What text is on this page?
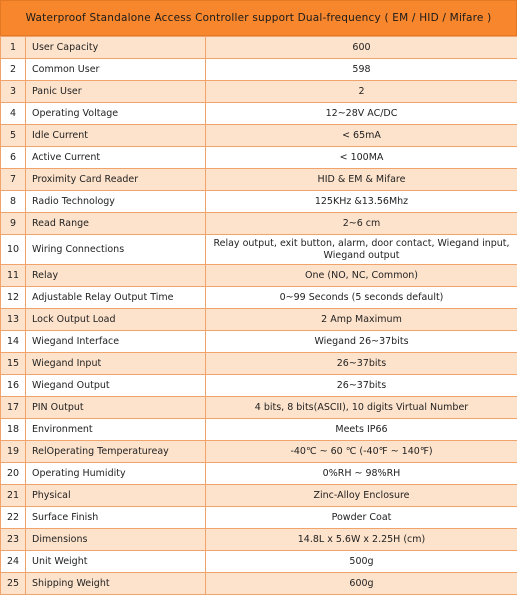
Waterproof Standalone Access Controller support Dual-frequency ( EM / HID / Mifare )
1	User Capacity	600
2	Common User	598
3	Panic User	2
4	Operating Voltage	12~28V AC/DC
5	Idle Current	< 65mA
6	Active Current	< 100MA
7	Proximity Card Reader	HID & EM & Mifare
8	Radio Technology	125KHz &13.56Mhz
9	Read Range	2~6 cm
10	Wiring Connections	Relay output, exit button, alarm, door contact, Wiegand input, Wiegand output
11	Relay	One (NO, NC, Common)
12	Adjustable Relay Output Time	0~99 Seconds (5 seconds default)
13	Lock Output Load	2 Amp Maximum
14	Wiegand Interface	Wiegand 26~37bits
15	Wiegand Input	26~37bits
16	Wiegand Output	26~37bits
17	PIN Output	4 bits, 8 bits(ASCII), 10 digits Virtual Number
18	Environment	Meets IP66
19	RelOperating Temperatureay	-40℃ ~ 60 ℃ (-40℉ ~ 140℉)
20	Operating Humidity	0%RH ~ 98%RH
21	Physical	Zinc-Alloy Enclosure
22	Surface Finish	Powder Coat
23	Dimensions	14.8L x 5.6W x 2.25H (cm)
24	Unit Weight	500g
25	Shipping Weight	600g
